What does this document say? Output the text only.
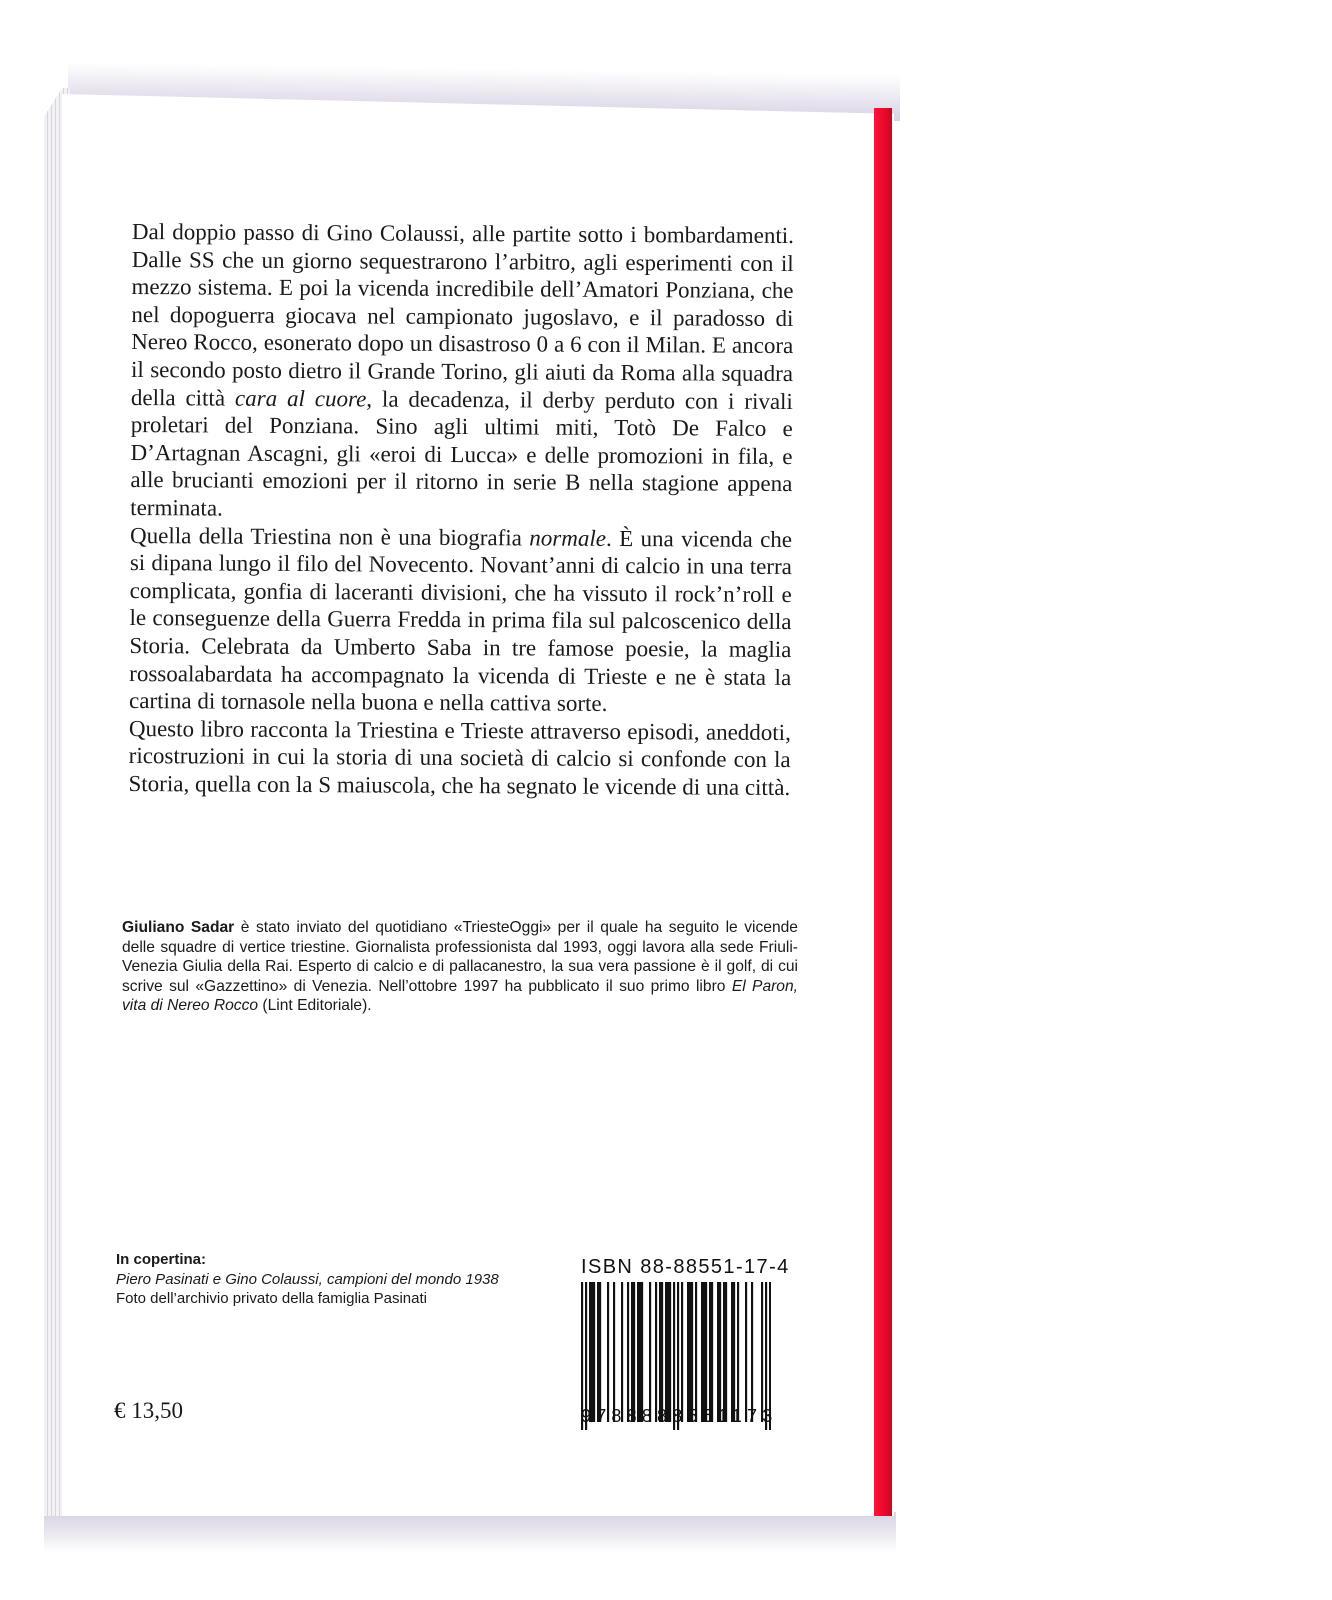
Dal doppio passo di Gino Colaussi, alle partite sotto i bombardamenti. Dalle SS che un giorno sequestrarono l’arbitro, agli esperimenti con il mezzo sistema. E poi la vicenda incredibile dell’Amatori Ponziana, che nel dopoguerra giocava nel campionato jugoslavo, e il paradosso di Nereo Rocco, esonerato dopo un disastroso 0 a 6 con il Milan. E ancora il secondo posto dietro il Grande Torino, gli aiuti da Roma alla squadra della città cara al cuore, la decadenza, il derby perduto con i rivali proletari del Ponziana. Sino agli ultimi miti, Totò De Falco e D’Artagnan Ascagni, gli «eroi di Lucca» e delle promozioni in fila, e alle brucianti emozioni per il ritorno in serie B nella stagione appena terminata.

Quella della Triestina non è una biografia normale. È una vicenda che si dipana lungo il filo del Novecento. Novant’anni di calcio in una terra complicata, gonfia di laceranti divisioni, che ha vissuto il rock’n’roll e le conseguenze della Guerra Fredda in prima fila sul palcoscenico della Storia. Celebrata da Umberto Saba in tre famose poesie, la maglia rossoalabardata ha accompagnato la vicenda di Trieste e ne è stata la cartina di tornasole nella buona e nella cattiva sorte.

Questo libro racconta la Triestina e Trieste attraverso episodi, aneddoti, ricostruzioni in cui la storia di una società di calcio si confonde con la Storia, quella con la S maiuscola, che ha segnato le vicende di una città.

Giuliano Sadar è stato inviato del quotidiano «TriesteOggi» per il quale ha seguito le vicende delle squadre di vertice triestine. Giornalista professionista dal 1993, oggi lavora alla sede Friuli-Venezia Giulia della Rai. Esperto di calcio e di pallacanestro, la sua vera passione è il golf, di cui scrive sul «Gazzettino» di Venezia. Nell’ottobre 1997 ha pubblicato il suo primo libro El Paron, vita di Nereo Rocco (Lint Editoriale).
In copertina:
Piero Pasinati e Gino Colaussi, campioni del mondo 1938
Foto dell’archivio privato della famiglia Pasinati
€ 13,50
ISBN 88-88551-17-4
9788888551173
